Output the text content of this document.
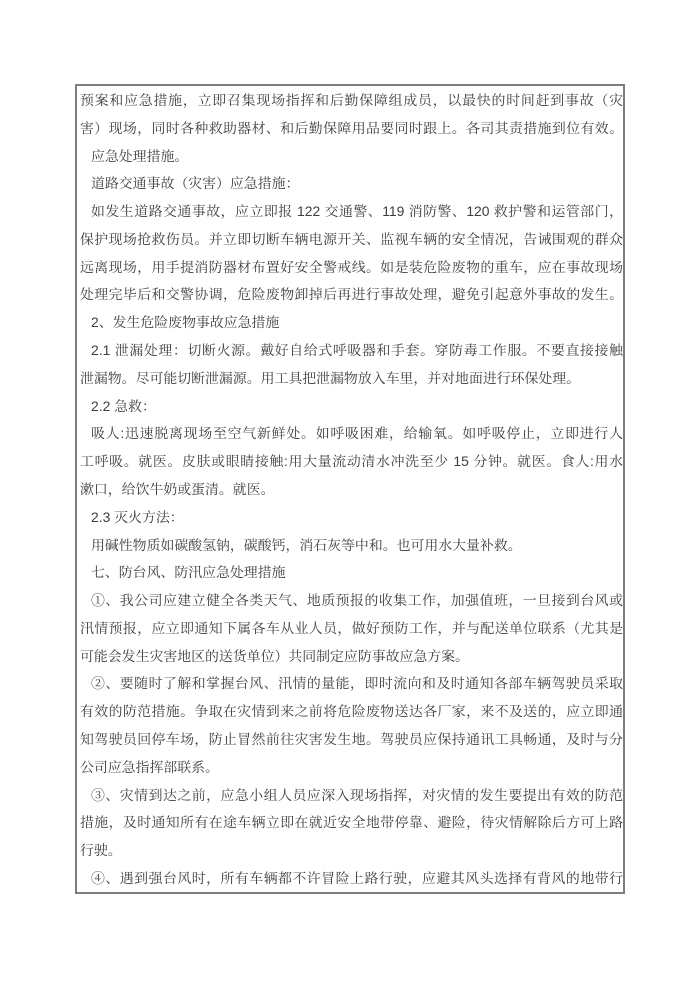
预案和应急措施，立即召集现场指挥和后勤保障组成员，以最快的时间赶到事故（灾
害）现场，同时各种救助器材、和后勤保障用品要同时跟上。各司其责措施到位有效。
应急处理措施。
道路交通事故（灾害）应急措施：
如发生道路交通事故，应立即报 122 交通警、119 消防警、120 救护警和运管部门，
保护现场抢救伤员。并立即切断车辆电源开关、监视车辆的安全情况，告诫围观的群众
远离现场，用手提消防器材布置好安全警戒线。如是装危险废物的重车，应在事故现场
处理完毕后和交警协调，危险废物卸掉后再进行事故处理，避免引起意外事故的发生。
2、发生危险废物事故应急措施
2.1 泄漏处理：切断火源。戴好自给式呼吸器和手套。穿防毒工作服。不要直接接触
泄漏物。尽可能切断泄漏源。用工具把泄漏物放入车里，并对地面进行环保处理。
2.2 急救：
吸人:迅速脱离现场至空气新鲜处。如呼吸困难，给输氧。如呼吸停止，立即进行人
工呼吸。就医。皮肤或眼睛接触:用大量流动清水冲洗至少 15 分钟。就医。食人:用水
漱口，给饮牛奶或蛋清。就医。
2.3 灭火方法：
用碱性物质如碳酸氢钠，碳酸钙，消石灰等中和。也可用水大量补救。
七、防台风、防汛应急处理措施
①、我公司应建立健全各类天气、地质预报的收集工作，加强值班，一旦接到台风或
汛情预报，应立即通知下属各车从业人员，做好预防工作，并与配送单位联系（尤其是
可能会发生灾害地区的送货单位）共同制定应防事故应急方案。
②、要随时了解和掌握台风、汛情的量能，即时流向和及时通知各部车辆驾驶员采取
有效的防范措施。争取在灾情到来之前将危险废物送达各厂家，来不及送的，应立即通
知驾驶员回停车场，防止冒然前往灾害发生地。驾驶员应保持通讯工具畅通，及时与分
公司应急指挥部联系。
③、灾情到达之前，应急小组人员应深入现场指挥，对灾情的发生要提出有效的防范
措施，及时通知所有在途车辆立即在就近安全地带停靠、避险，待灾情解除后方可上路
行驶。
④、遇到强台风时，所有车辆都不许冒险上路行驶，应避其风头选择有背风的地带行
